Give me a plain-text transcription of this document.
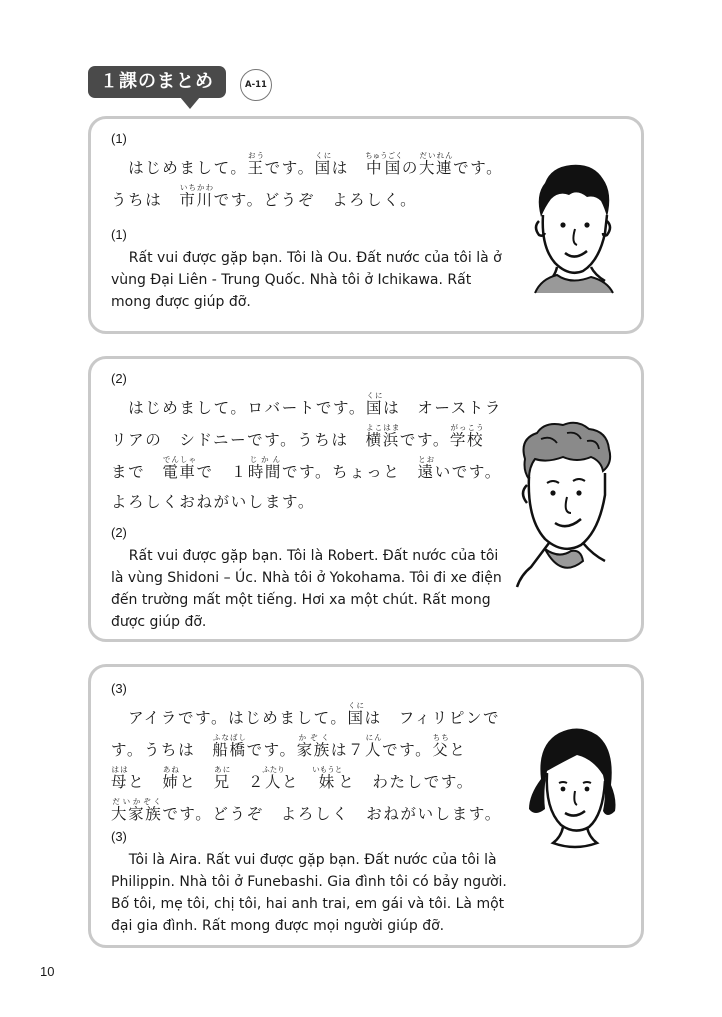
１課のまとめ	A-11
(1)
　はじめまして。王おうです。国くには　中国ちゅうごくの大連だいれんです。
うちは　市川いちかわです。どうぞ　よろしく。
(1)
Rất vui được gặp bạn. Tôi là Ou. Đất nước của tôi là ở
vùng Đại Liên - Trung Quốc. Nhà tôi ở Ichikawa. Rất
mong được giúp đỡ.
(2)
　はじめまして。ロバートです。国くには　オーストラ
リアの　シドニーです。うちは　横浜よこはまです。学校がっこう
まで　電車でんしゃで　１時間じかんです。ちょっと　遠とおいです。
よろしくおねがいします。
(2)
Rất vui được gặp bạn. Tôi là Robert. Đất nước của tôi
là vùng Shidoni – Úc. Nhà tôi ở Yokohama. Tôi đi xe điện
đến trường mất một tiếng. Hơi xa một chút. Rất mong
được giúp đỡ.
(3)
　アイラです。はじめまして。国くには　フィリピンで
す。うちは　船橋ふなばしです。家族かぞくは７人にんです。父ちちと
母ははと　姉あねと　兄あに　２人ふたりと　妹いもうとと　わたしです。
大家族だいかぞくです。どうぞ　よろしく　おねがいします。
(3)
Tôi là Aira. Rất vui được gặp bạn. Đất nước của tôi là
Philippin. Nhà tôi ở Funebashi. Gia đình tôi có bảy người.
Bố tôi, mẹ tôi, chị tôi, hai anh trai, em gái và tôi. Là một
đại gia đình. Rất mong được mọi người giúp đỡ.
10
